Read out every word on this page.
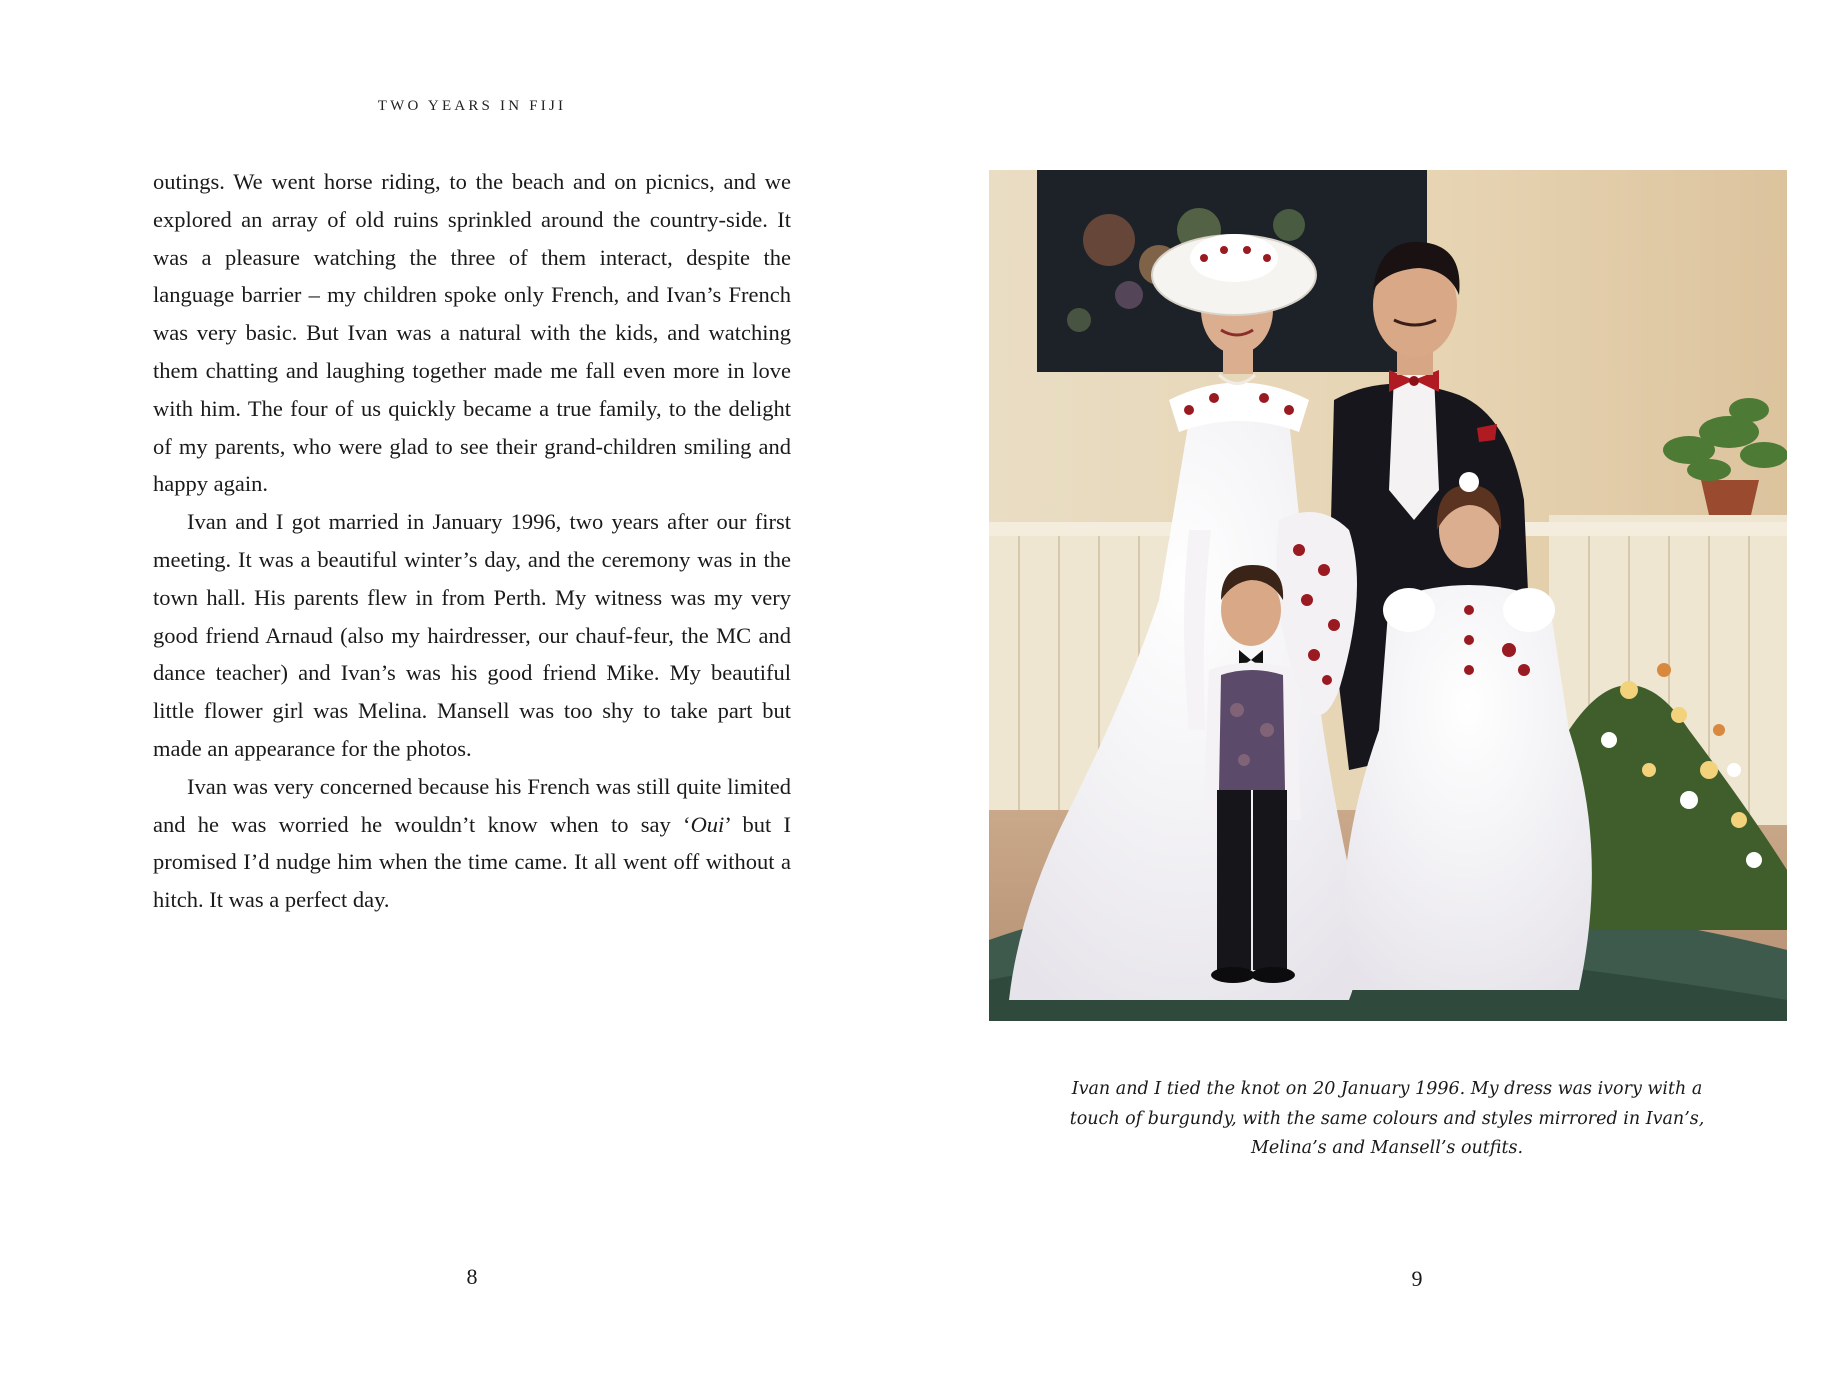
TWO YEARS IN FIJI

outings. We went horse riding, to the beach and on picnics, and we explored an array of old ruins sprinkled around the country-side. It was a pleasure watching the three of them interact, despite the language barrier – my children spoke only French, and Ivan’s French was very basic. But Ivan was a natural with the kids, and watching them chatting and laughing together made me fall even more in love with him. The four of us quickly became a true family, to the delight of my parents, who were glad to see their grand-children smiling and happy again.

Ivan and I got married in January 1996, two years after our first meeting. It was a beautiful winter’s day, and the ceremony was in the town hall. His parents flew in from Perth. My witness was my very good friend Arnaud (also my hairdresser, our chauf-feur, the MC and dance teacher) and Ivan’s was his good friend Mike. My beautiful little flower girl was Melina. Mansell was too shy to take part but made an appearance for the photos.

Ivan was very concerned because his French was still quite limited and he was worried he wouldn’t know when to say ‘Oui’ but I promised I’d nudge him when the time came. It all went off without a hitch. It was a perfect day.

8
Ivan and I tied the knot on 20 January 1996. My dress was ivory with a touch of burgundy, with the same colours and styles mirrored in Ivan’s, Melina’s and Mansell’s outfits.
9
